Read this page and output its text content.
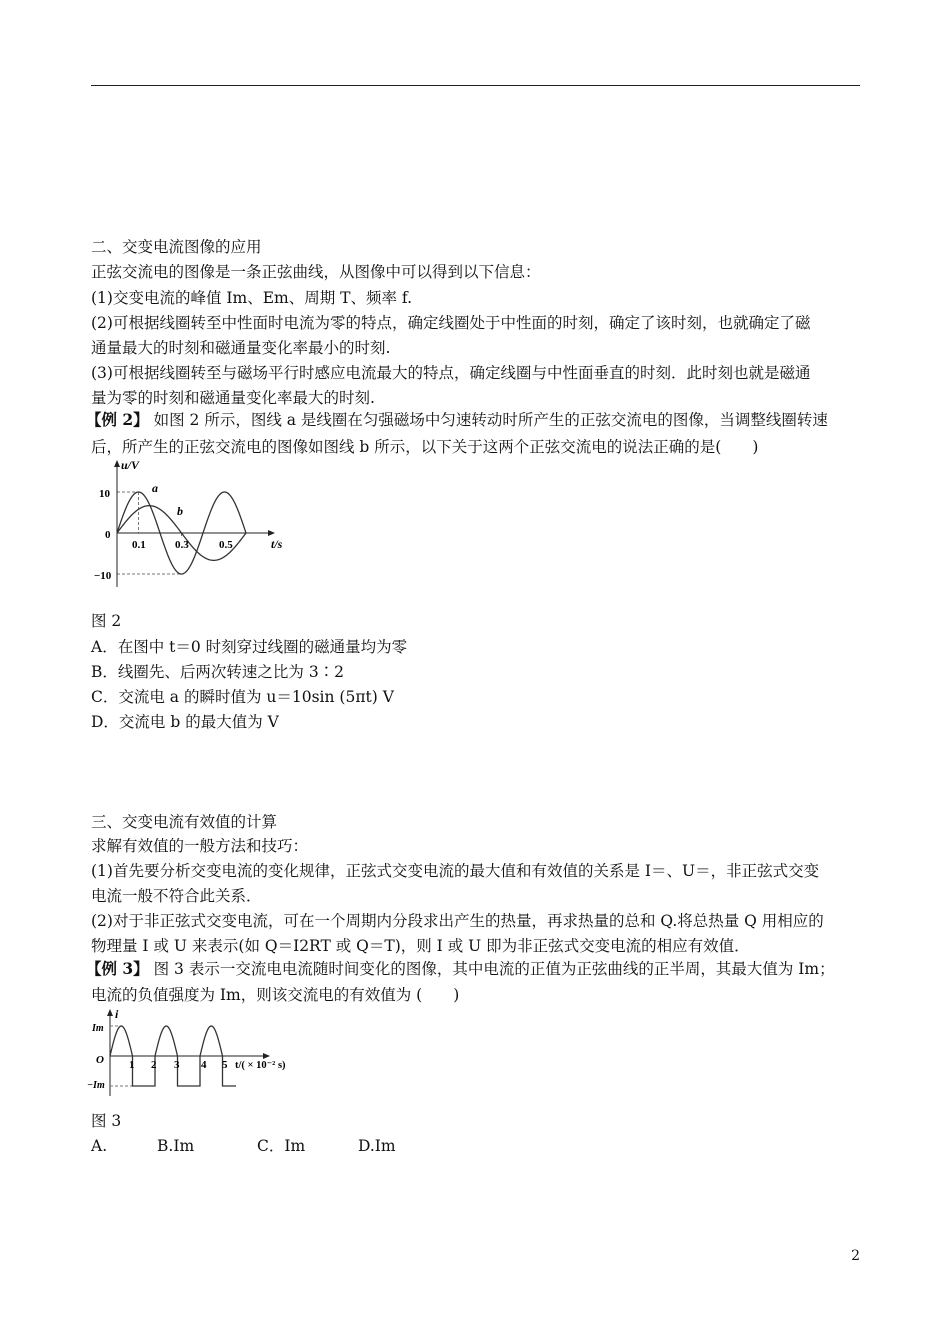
二、交变电流图像的应用
正弦交流电的图像是一条正弦曲线，从图像中可以得到以下信息：
(1)交变电流的峰值 Im、Em、周期 T、频率 f.
(2)可根据线圈转至中性面时电流为零的特点，确定线圈处于中性面的时刻，确定了该时刻，也就确定了磁
通量最大的时刻和磁通量变化率最小的时刻.
(3)可根据线圈转至与磁场平行时感应电流最大的特点，确定线圈与中性面垂直的时刻．此时刻也就是磁通
量为零的时刻和磁通量变化率最大的时刻.
【例 2】 如图 2 所示，图线 a 是线圈在匀强磁场中匀速转动时所产生的正弦交流电的图像，当调整线圈转速
后，所产生的正弦交流电的图像如图线 b 所示，以下关于这两个正弦交流电的说法正确的是(　　)
u/V
10
0
−10
0.1	0.3	0.5	t/s
a
b
图 2
A．在图中 t＝0 时刻穿过线圈的磁通量均为零
B．线圈先、后两次转速之比为 3∶2
C．交流电 a 的瞬时值为 u＝10sin (5πt) V
D．交流电 b 的最大值为 V
三、交变电流有效值的计算
求解有效值的一般方法和技巧：
(1)首先要分析交变电流的变化规律，正弦式交变电流的最大值和有效值的关系是 I＝、U＝，非正弦式交变
电流一般不符合此关系．
(2)对于非正弦式交变电流，可在一个周期内分段求出产生的热量，再求热量的总和 Q.将总热量 Q 用相应的
物理量 I 或 U 来表示(如 Q＝I2RT 或 Q＝T)，则 I 或 U 即为非正弦式交变电流的相应有效值．
【例 3】 图 3 表示一交流电电流随时间变化的图像，其中电流的正值为正弦曲线的正半周，其最大值为 Im；
电流的负值强度为 Im，则该交流电的有效值为 (　　)
i
Im
O
−Im
1 2 3 4 5 t/( × 10⁻² s)
图 3
A.	B.Im	C．Im	D.Im
2
